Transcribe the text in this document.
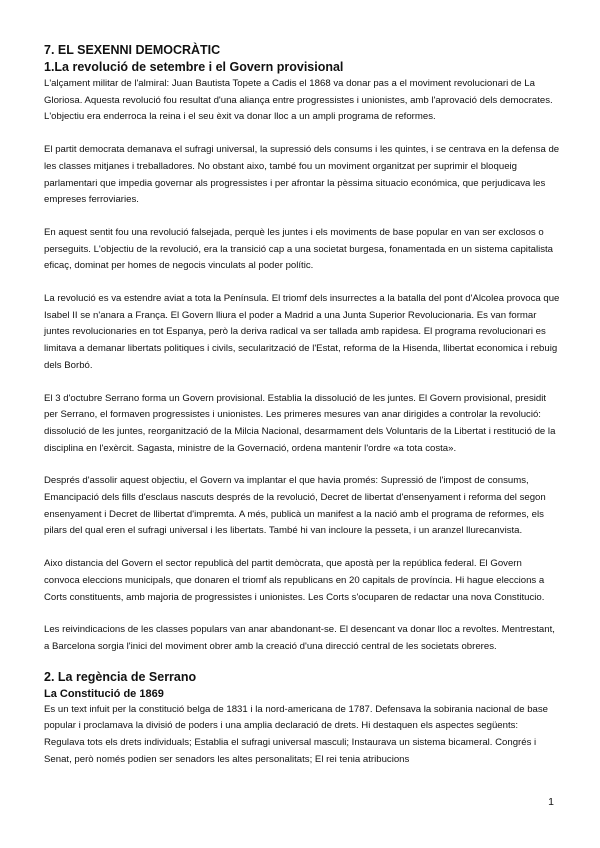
7. EL SEXENNI DEMOCRÀTIC
1.La revolució de setembre i el Govern provisional

L'alçament militar de l'almiral: Juan Bautista Topete a Cadis el 1868 va donar pas a el moviment revolucionari de La Gloriosa. Aquesta revolució fou resultat d'una aliança entre progressistes i unionistes, amb l'aprovació dels democrates. L'objectiu era enderroca la reina i el seu èxit va donar lloc a un ampli programa de reformes.

El partit democrata demanava el sufragi universal, la supressió dels consums i les quintes, i se centrava en la defensa de les classes mitjanes i treballadores. No obstant aixo, també fou un moviment organitzat per suprimir el bloqueig parlamentari que impedia governar als progressistes i per afrontar la pèssima situacio económica, que perjudicava les empreses ferroviaries.

En aquest sentit fou una revolució falsejada, perquè les juntes i els moviments de base popular en van ser exclosos o perseguits. L'objectiu de la revolució, era la transició cap a una societat burgesa, fonamentada en un sistema capitalista eficaç, dominat per homes de negocis vinculats al poder polític.

La revolució es va estendre aviat a tota la Península. El triomf dels insurrectes a la batalla del pont d'Alcolea provoca que Isabel II se n'anara a França. El Govern lliura el poder a Madrid a una Junta Superior Revolucionaria. Es van formar juntes revolucionaries en tot Espanya, però la deriva radical va ser tallada amb rapidesa. El programa revolucionari es limitava a demanar libertats politiques i civils, secularització de l'Estat, reforma de la Hisenda, llibertat economica i rebuig dels Borbó.

El 3 d'octubre Serrano forma un Govern provisional. Establia la dissolució de les juntes. El Govern provisional, presidit per Serrano, el formaven progressistes i unionistes. Les primeres mesures van anar dirigides a controlar la revolució: dissolució de les juntes, reorganització de la Milcia Nacional, desarmament dels Voluntaris de la Libertat i restitució de la disciplina en l'exèrcit. Sagasta, ministre de la Governació, ordena mantenir l'ordre «a tota costa».

Després d'assolir aquest objectiu, el Govern va implantar el que havia promés: Supressió de l'impost de consums, Emancipació dels fills d'esclaus nascuts després de la revolució, Decret de libertat d'ensenyament i reforma del segon ensenyament i Decret de llibertat d'impremta. A més, publicà un manifest a la nació amb el programa de reformes, els pilars del qual eren el sufragi universal i les libertats. També hi van incloure la pesseta, i un aranzel llurecanvista.

Aixo distancia del Govern el sector republicà del partit demòcrata, que apostà per la república federal. El Govern convoca eleccions municipals, que donaren el triomf als republicans en 20 capitals de província. Hi hague eleccions a Corts constituents, amb majoria de progressistes i unionistes. Les Corts s'ocuparen de redactar una nova Constitucio.

Les reivindicacions de les classes populars van anar abandonant-se. El desencant va donar lloc a revoltes. Mentrestant, a Barcelona sorgia l'inici del moviment obrer amb la creació d'una direcció central de les societats obreres.

2. La regència de Serrano
La Constitució de 1869

Es un text infuit per la constitució belga de 1831 i la nord-americana de 1787. Defensava la sobirania nacional de base popular i proclamava la divisió de poders i una amplia declaració de drets. Hi destaquen els aspectes següents: Regulava tots els drets individuals; Establia el sufragi universal masculi; Instaurava un sistema bicameral. Congrés i Senat, però només podien ser senadors les altes personalitats; El rei tenia atribucions

1
